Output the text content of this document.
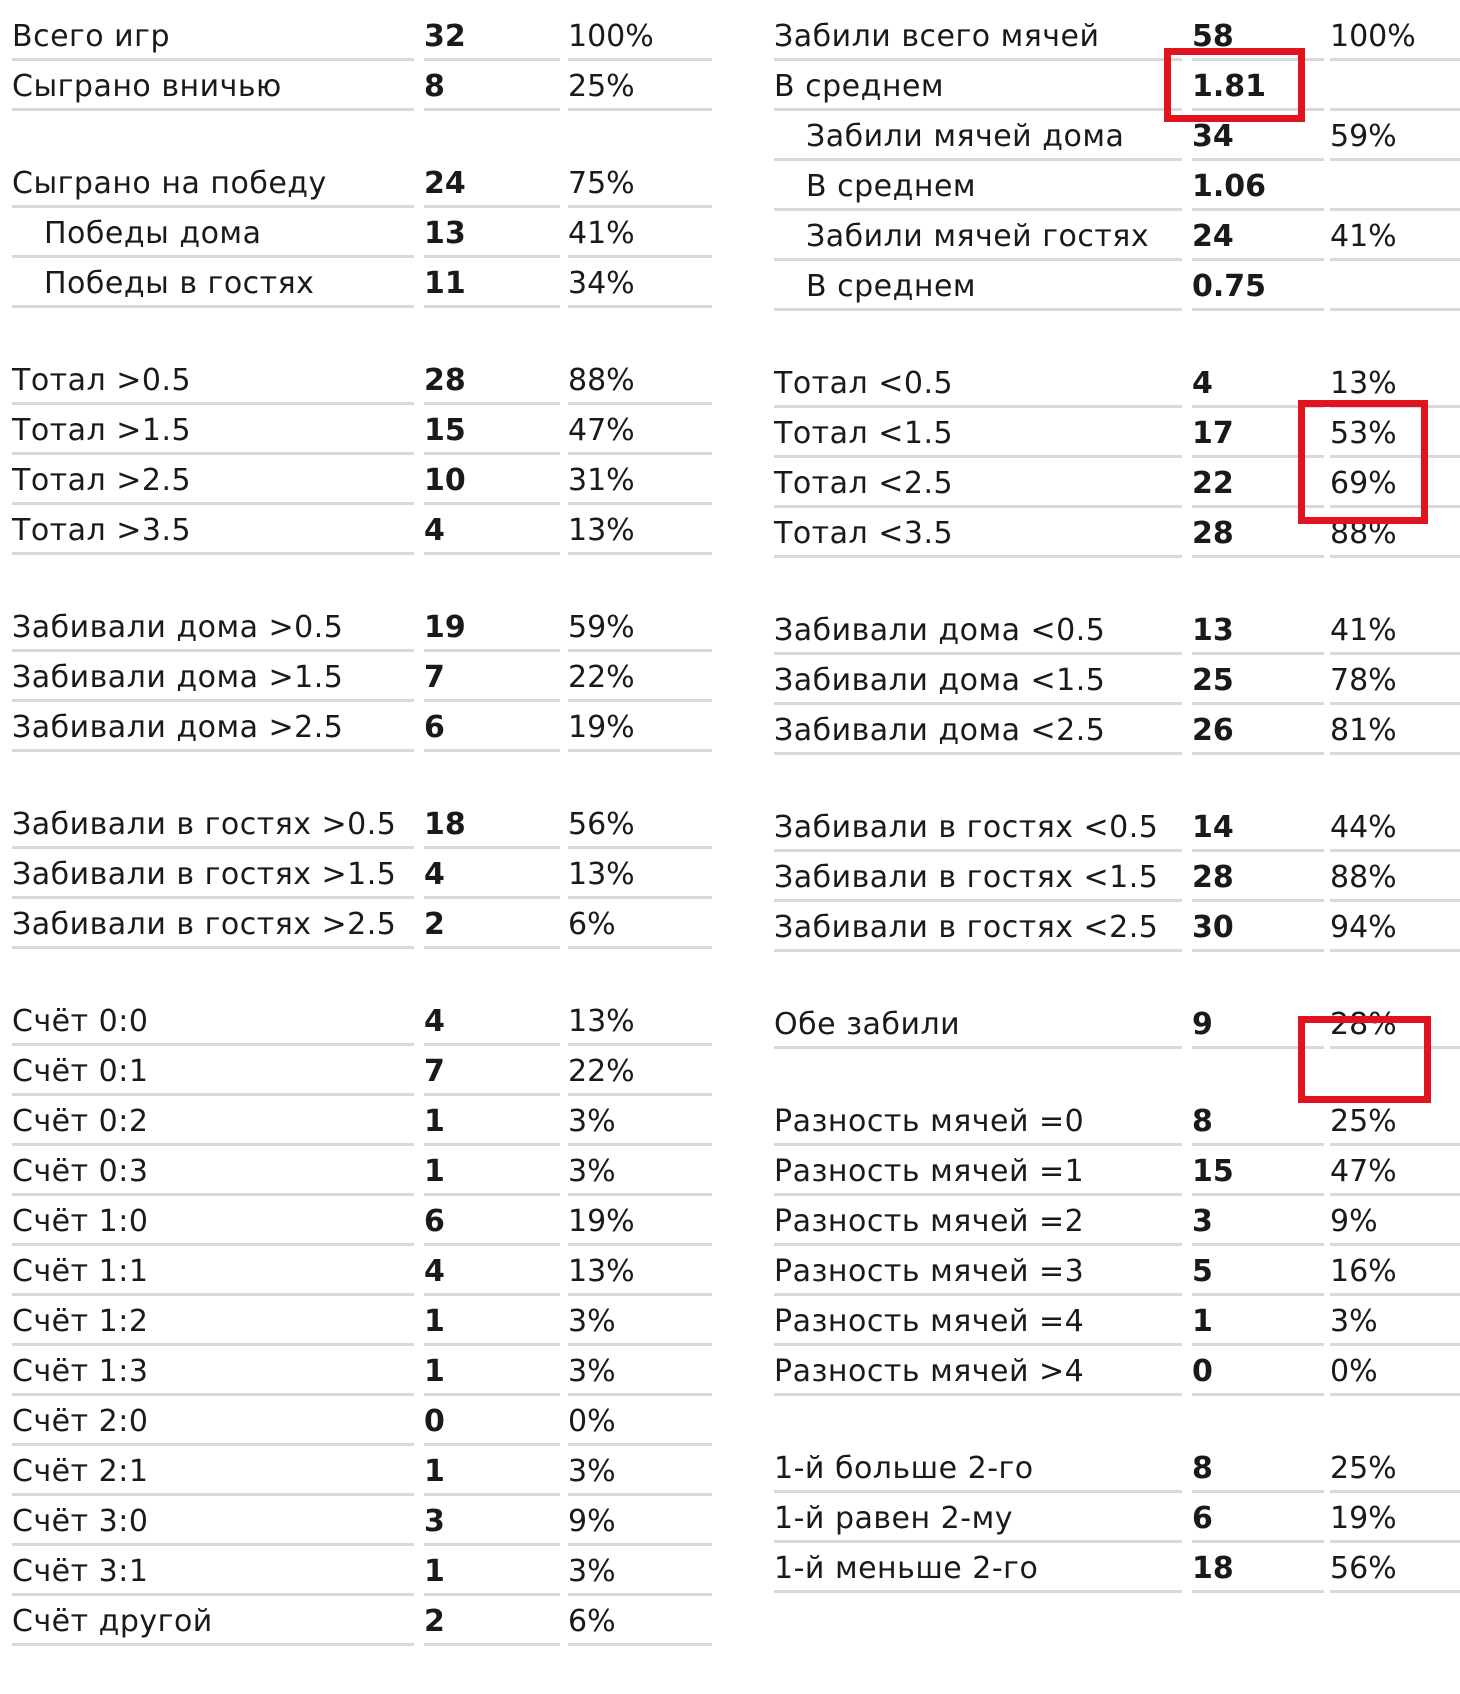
Всего игр	32	100%
Сыграно вничью	8	25%
Сыграно на победу	24	75%
Победы дома	13	41%
Победы в гостях	11	34%
Тотал >0.5	28	88%
Тотал >1.5	15	47%
Тотал >2.5	10	31%
Тотал >3.5	4	13%
Забивали дома >0.5	19	59%
Забивали дома >1.5	7	22%
Забивали дома >2.5	6	19%
Забивали в гостях >0.5 18	56%
Забивали в гостях >1.5 4	13%
Забивали в гостях >2.5 2	6%
Счёт 0:0	4	13%
Счёт 0:1	7	22%
Счёт 0:2	1	3%
Счёт 0:3	1	3%
Счёт 1:0	6	19%
Счёт 1:1	4	13%
Счёт 1:2	1	3%
Счёт 1:3	1	3%
Счёт 2:0	0	0%
Счёт 2:1	1	3%
Счёт 3:0	3	9%
Счёт 3:1	1	3%
Счёт другой	2	6%
Забили всего мячей	58	100%
В среднем	1.81
Забили мячей дома	34	59%
В среднем	1.06
Забили мячей гостях	24	41%
В среднем	0.75
Тотал <0.5	4	13%
Тотал <1.5	17	53%
Тотал <2.5	22	69%
Тотал <3.5	28	88%
Забивали дома <0.5	13	41%
Забивали дома <1.5	25	78%
Забивали дома <2.5	26	81%
Забивали в гостях <0.5	14	44%
Забивали в гостях <1.5	28	88%
Забивали в гостях <2.5	30	94%
Обе забили	9	28%
Разность мячей =0	8	25%
Разность мячей =1	15	47%
Разность мячей =2	3	9%
Разность мячей =3	5	16%
Разность мячей =4	1	3%
Разность мячей >4	0	0%
1-й больше 2-го	8	25%
1-й равен 2-му	6	19%
1-й меньше 2-го	18	56%
